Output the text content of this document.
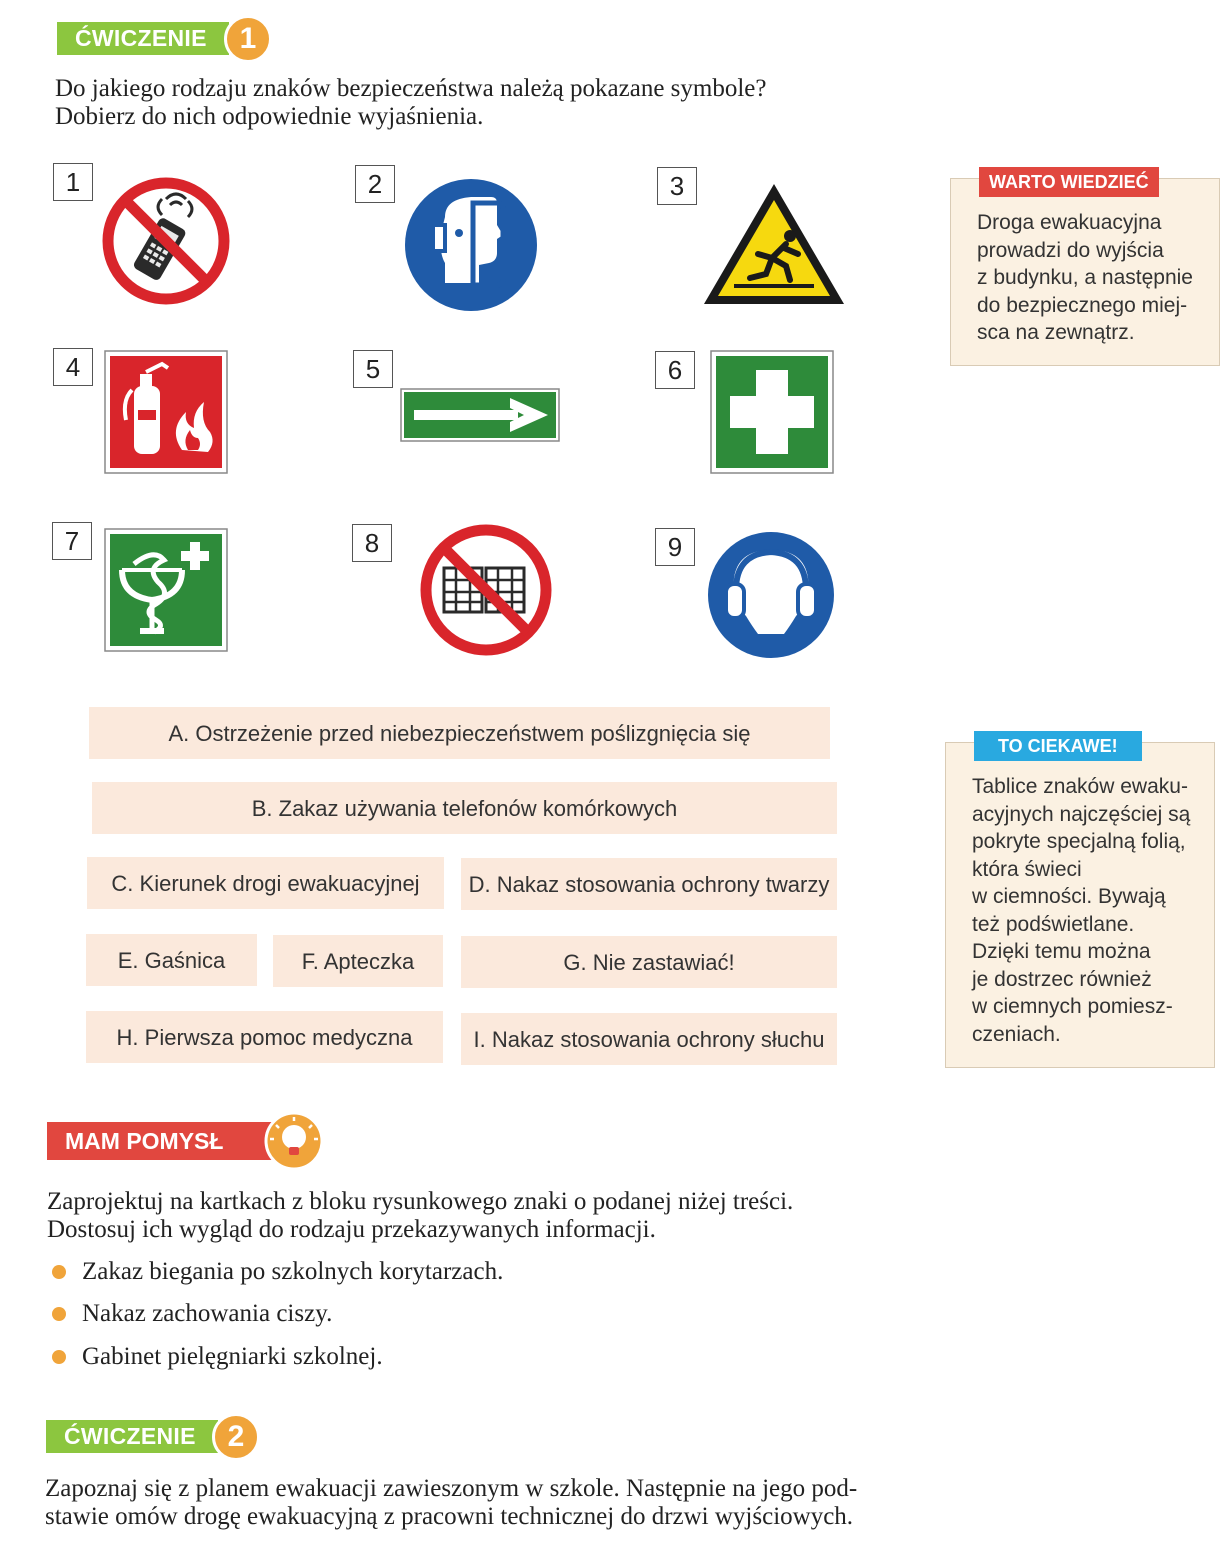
ĆWICZENIE	1
Do jakiego rodzaju znaków bezpieczeństwa należą pokazane symbole?
Dobierz do nich odpowiednie wyjaśnienia.
1	2	3
4	5	6
7	8	9
A. Ostrzeżenie przed niebezpieczeństwem poślizgnięcia się
B. Zakaz używania telefonów komórkowych
C. Kierunek drogi ewakuacyjnej	D. Nakaz stosowania ochrony twarzy
E. Gaśnica	F. Apteczka	G. Nie zastawiać!
H. Pierwsza pomoc medyczna	I. Nakaz stosowania ochrony słuchu
WARTO WIEDZIEĆ
Droga ewakuacyjna
prowadzi do wyjścia
z budynku, a następnie
do bezpiecznego miej-
sca na zewnątrz.
TO CIEKAWE!
Tablice znaków ewaku-
acyjnych najczęściej są
pokryte specjalną folią,
która świeci
w ciemności. Bywają
też podświetlane.
Dzięki temu można
je dostrzec również
w ciemnych pomiesz-
czeniach.
MAM POMYSŁ
Zaprojektuj na kartkach z bloku rysunkowego znaki o podanej niżej treści.
Dostosuj ich wygląd do rodzaju przekazywanych informacji.
Zakaz biegania po szkolnych korytarzach.
Nakaz zachowania ciszy.
Gabinet pielęgniarki szkolnej.
ĆWICZENIE	2
Zapoznaj się z planem ewakuacji zawieszonym w szkole. Następnie na jego pod-
stawie omów drogę ewakuacyjną z pracowni technicznej do drzwi wyjściowych.
